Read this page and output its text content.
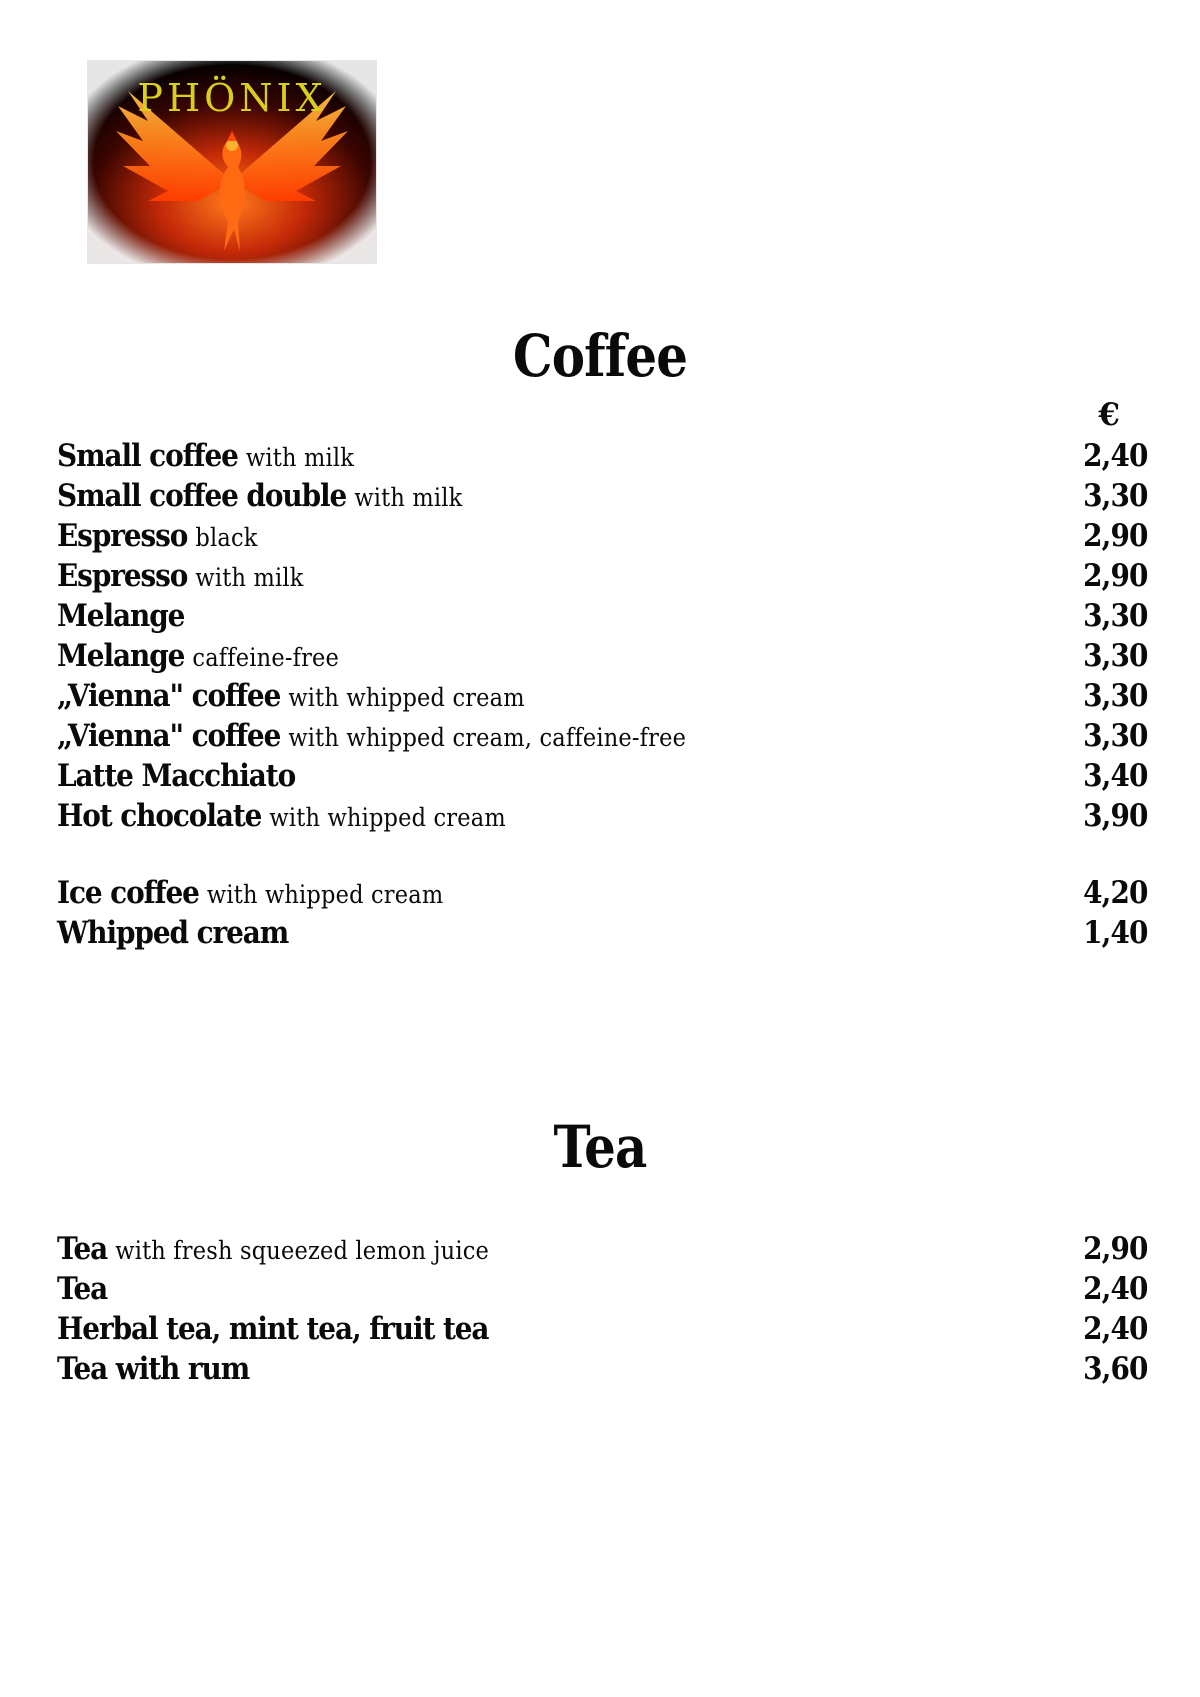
Coffee
€
Small coffee with milk	2,40
Small coffee double with milk	3,30
Espresso black	2,90
Espresso with milk	2,90
Melange	3,30
Melange caffeine-free	3,30
„Vienna" coffee with whipped cream	3,30
„Vienna" coffee with whipped cream, caffeine-free	3,30
Latte Macchiato	3,40
Hot chocolate with whipped cream	3,90
Ice coffee with whipped cream	4,20
Whipped cream	1,40
Tea
Tea with fresh squeezed lemon juice	2,90
Tea	2,40
Herbal tea, mint tea, fruit tea	2,40
Tea with rum	3,60
